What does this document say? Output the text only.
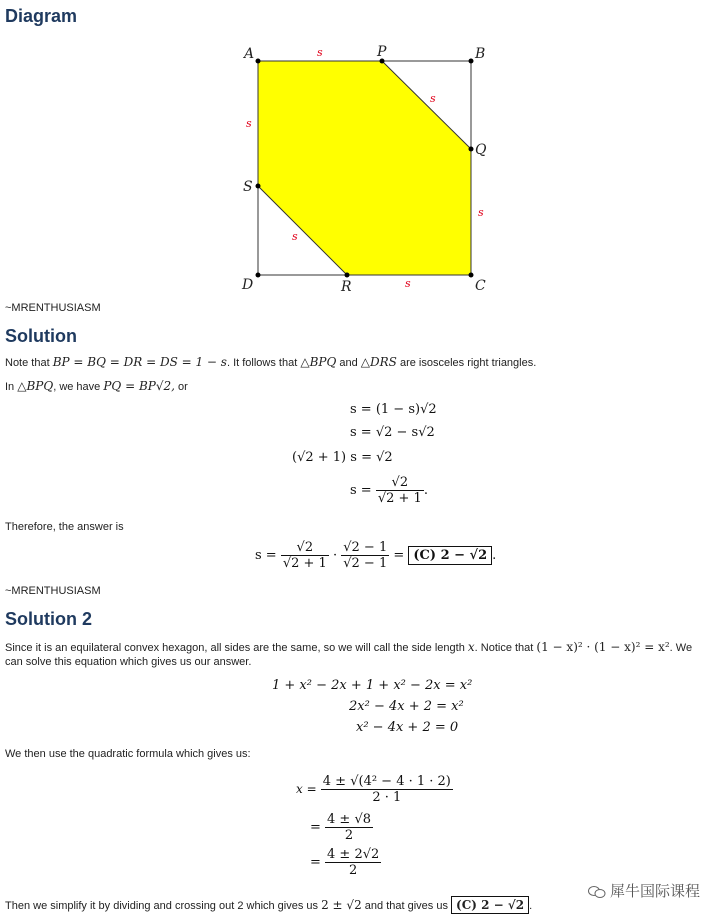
Diagram
A	P	B
Q
C
R
D
S
s
s
s
s
s
s

~MRENTHUSIASM

Solution

Note that BP = BQ = DR = DS = 1 − s. It follows that △BPQ and △DRS are isosceles right triangles.

In △BPQ, we have PQ = BP√2, or

s = (1 − s)√2
s = √2 − s√2
(√2 + 1) s = √2
$s = \frac{√2}{√2 + 1}$ .

Therefore, the answer is

$s = \frac{√2}{√2 + 1} \cdot \frac{√2 - 1}{√2 - 1} = (C) 2 - √2$ .

~MRENTHUSIASM

Solution 2

Since it is an equilateral convex hexagon, all sides are the same, so we will call the side length x. Notice that (1 − x)² · (1 − x)² = x². We
can solve this equation which gives us our answer.

1 + x² − 2x + 1 + x² − 2x = x²
2x² − 4x + 2 = x²
x² − 4x + 2 = 0

We then use the quadratic formula which gives us:

$x = \frac{\text{4 ± √(4² − 4 · 1 · 2)}}{2 \cdot 1}$
= $\frac{4 \pm √8}{2}$
= $\frac{4 \pm 2√2}{2}$

Then we simplify it by dividing and crossing out 2 which gives us 2 ± √2 and that gives us (C) 2 − √2 .

犀牛国际课程
